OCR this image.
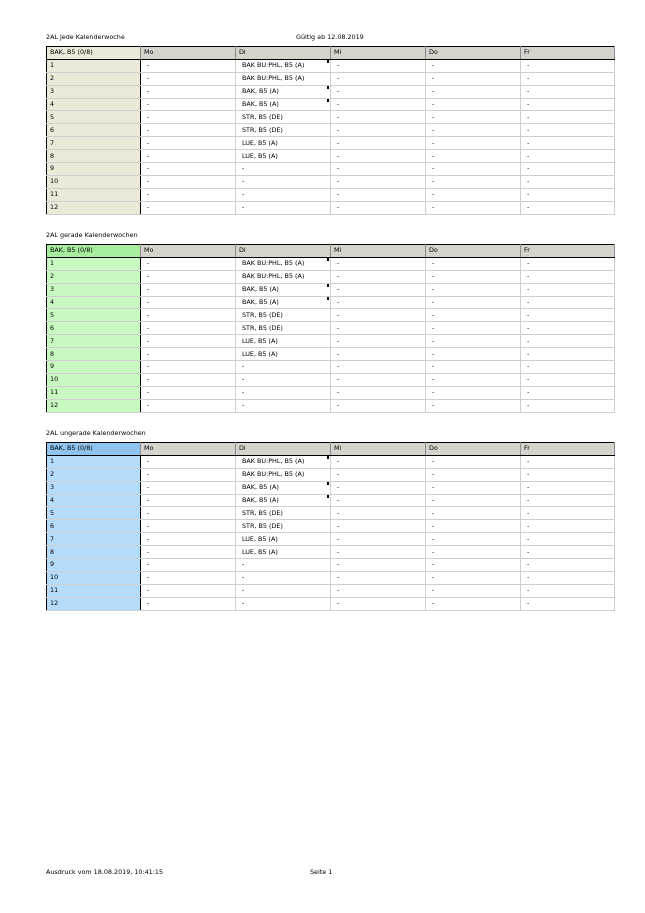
2AL jede Kalenderwoche	Gültig ab 12.08.2019
2AL gerade Kalenderwochen
2AL ungerade Kalenderwochen
BAK, B5 (0/8)	Mo	Di	Mi	Do	Fr
1	-	BAK BU:PHL, B5 (A)	-	-	-
2	-	BAK BU:PHL, B5 (A)	-	-	-
3	-	BAK, B5 (A)	-	-	-
4	-	BAK, B5 (A)	-	-	-
5	-	STR, B5 (DE)	-	-	-
6	-	STR, B5 (DE)	-	-	-
7	-	LUE, B5 (A)	-	-	-
8	-	LUE, B5 (A)	-	-	-
9	-	-	-	-	-
10	-	-	-	-	-
11	-	-	-	-	-
12	-	-	-	-	-
BAK, B5 (0/8)	Mo	Di	Mi	Do	Fr
1	-	BAK BU:PHL, B5 (A)	-	-	-
2	-	BAK BU:PHL, B5 (A)	-	-	-
3	-	BAK, B5 (A)	-	-	-
4	-	BAK, B5 (A)	-	-	-
5	-	STR, B5 (DE)	-	-	-
6	-	STR, B5 (DE)	-	-	-
7	-	LUE, B5 (A)	-	-	-
8	-	LUE, B5 (A)	-	-	-
9	-	-	-	-	-
10	-	-	-	-	-
11	-	-	-	-	-
12	-	-	-	-	-
BAK, B5 (0/8)	Mo	Di	Mi	Do	Fr
1	-	BAK BU:PHL, B5 (A)	-	-	-
2	-	BAK BU:PHL, B5 (A)	-	-	-
3	-	BAK, B5 (A)	-	-	-
4	-	BAK, B5 (A)	-	-	-
5	-	STR, B5 (DE)	-	-	-
6	-	STR, B5 (DE)	-	-	-
7	-	LUE, B5 (A)	-	-	-
8	-	LUE, B5 (A)	-	-	-
9	-	-	-	-	-
10	-	-	-	-	-
11	-	-	-	-	-
12	-	-	-	-	-
Ausdruck vom 18.08.2019, 10:41:15	Seite 1
